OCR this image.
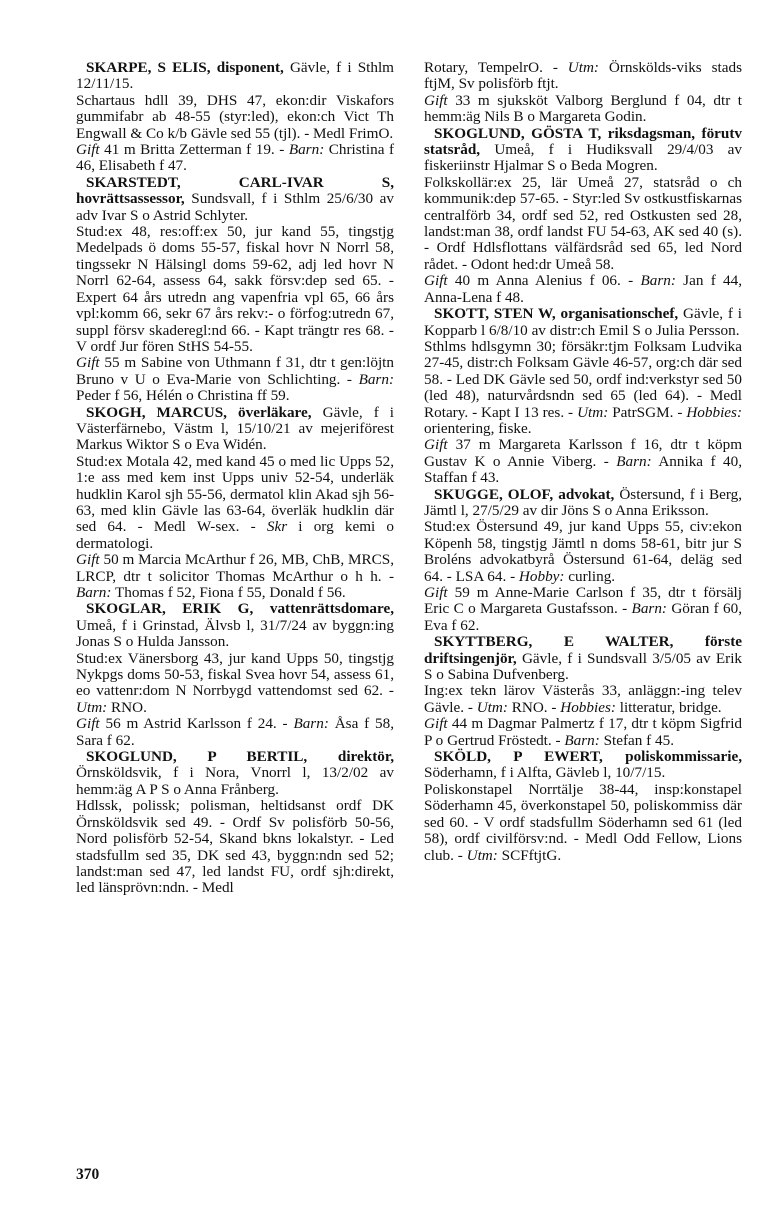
SKARPE, S ELIS, disponent, Gävle, f i Sthlm 12/11/15.

Schartaus hdll 39, DHS 47, ekon:dir Viskafors gummifabr ab 48-55 (styr:led), ekon:ch Vict Th Engwall & Co k/b Gävle sed 55 (tjl). - Medl FrimO.

Gift 41 m Britta Zetterman f 19. - Barn: Christina f 46, Elisabeth f 47.

SKARSTEDT, CARL-IVAR S, hovrättsassessor, Sundsvall, f i Sthlm 25/6/30 av adv Ivar S o Astrid Schlyter.

Stud:ex 48, res:off:ex 50, jur kand 55, tingstjg Medelpads ö doms 55-57, fiskal hovr N Norrl 58, tingssekr N Hälsingl doms 59-62, adj led hovr N Norrl 62-64, assess 64, sakk försv:dep sed 65. - Expert 64 års utredn ang vapenfria vpl 65, 66 års vpl:komm 66, sekr 67 års rekv:- o förfog:utredn 67, suppl försv skaderegl:nd 66. - Kapt trängtr res 68. - V ordf Jur fören StHS 54-55.

Gift 55 m Sabine von Uthmann f 31, dtr t gen:löjtn Bruno v U o Eva-Marie von Schlichting. - Barn: Peder f 56, Hélén o Christina ff 59.

SKOGH, MARCUS, överläkare, Gävle, f i Västerfärnebo, Västm l, 15/10/21 av mejeriförest Markus Wiktor S o Eva Widén.

Stud:ex Motala 42, med kand 45 o med lic Upps 52, 1:e ass med kem inst Upps univ 52-54, underläk hudklin Karol sjh 55-56, dermatol klin Akad sjh 56-63, med klin Gävle las 63-64, överläk hudklin där sed 64. - Medl W-sex. - Skr i org kemi o dermatologi.

Gift 50 m Marcia McArthur f 26, MB, ChB, MRCS, LRCP, dtr t solicitor Thomas McArthur o h h. - Barn: Thomas f 52, Fiona f 55, Donald f 56.

SKOGLAR, ERIK G, vattenrättsdomare, Umeå, f i Grinstad, Älvsb l, 31/7/24 av byggn:ing Jonas S o Hulda Jansson.

Stud:ex Vänersborg 43, jur kand Upps 50, tingstjg Nykpgs doms 50-53, fiskal Svea hovr 54, assess 61, eo vattenr:dom N Norrbygd vattendomst sed 62. - Utm: RNO.

Gift 56 m Astrid Karlsson f 24. - Barn: Åsa f 58, Sara f 62.

SKOGLUND, P BERTIL, direktör, Örnsköldsvik, f i Nora, Vnorrl l, 13/2/02 av hemm:äg A P S o Anna Frånberg.

Hdlssk, polissk; polisman, heltidsanst ordf DK Örnsköldsvik sed 49. - Ordf Sv polisförb 50-56, Nord polisförb 52-54, Skand bkns lokalstyr. - Led stadsfullm sed 35, DK sed 43, byggn:ndn sed 52; landst:man sed 47, led landst FU, ordf sjh:direkt, led länsprövn:ndn. - Medl

Rotary, TempelrO. - Utm: Örnskölds-viks stads ftjM, Sv polisförb ftjt.

Gift 33 m sjuksköt Valborg Berglund f 04, dtr t hemm:äg Nils B o Margareta Godin.

SKOGLUND, GÖSTA T, riksdagsman, förutv statsråd, Umeå, f i Hudiksvall 29/4/03 av fiskeriinstr Hjalmar S o Beda Mogren.

Folkskollär:ex 25, lär Umeå 27, statsråd o ch kommunik:dep 57-65. - Styr:led Sv ostkustfiskarnas centralförb 34, ordf sed 52, red Ostkusten sed 28, landst:man 38, ordf landst FU 54-63, AK sed 40 (s). - Ordf Hdlsflottans välfärdsråd sed 65, led Nord rådet. - Odont hed:dr Umeå 58.

Gift 40 m Anna Alenius f 06. - Barn: Jan f 44, Anna-Lena f 48.

SKOTT, STEN W, organisationschef, Gävle, f i Kopparb l 6/8/10 av distr:ch Emil S o Julia Persson.

Sthlms hdlsgymn 30; försäkr:tjm Folksam Ludvika 27-45, distr:ch Folksam Gävle 46-57, org:ch där sed 58. - Led DK Gävle sed 50, ordf ind:verkstyr sed 50 (led 48), naturvårdsndn sed 65 (led 64). - Medl Rotary. - Kapt I 13 res. - Utm: PatrSGM. - Hobbies: orientering, fiske.

Gift 37 m Margareta Karlsson f 16, dtr t köpm Gustav K o Annie Viberg. - Barn: Annika f 40, Staffan f 43.

SKUGGE, OLOF, advokat, Östersund, f i Berg, Jämtl l, 27/5/29 av dir Jöns S o Anna Eriksson.

Stud:ex Östersund 49, jur kand Upps 55, civ:ekon Köpenh 58, tingstjg Jämtl n doms 58-61, bitr jur S Broléns advokatbyrå Östersund 61-64, deläg sed 64. - LSA 64. - Hobby: curling.

Gift 59 m Anne-Marie Carlson f 35, dtr t försälj Eric C o Margareta Gustafsson. - Barn: Göran f 60, Eva f 62.

SKYTTBERG, E WALTER, förste driftsingenjör, Gävle, f i Sundsvall 3/5/05 av Erik S o Sabina Dufvenberg.

Ing:ex tekn lärov Västerås 33, anläggn:-ing telev Gävle. - Utm: RNO. - Hobbies: litteratur, bridge.

Gift 44 m Dagmar Palmertz f 17, dtr t köpm Sigfrid P o Gertrud Fröstedt. - Barn: Stefan f 45.

SKÖLD, P EWERT, poliskommissarie, Söderhamn, f i Alfta, Gävleb l, 10/7/15.

Poliskonstapel Norrtälje 38-44, insp:konstapel Söderhamn 45, överkonstapel 50, poliskommiss där sed 60. - V ordf stadsfullm Söderhamn sed 61 (led 58), ordf civilförsv:nd. - Medl Odd Fellow, Lions club. - Utm: SCFftjtG.

370
